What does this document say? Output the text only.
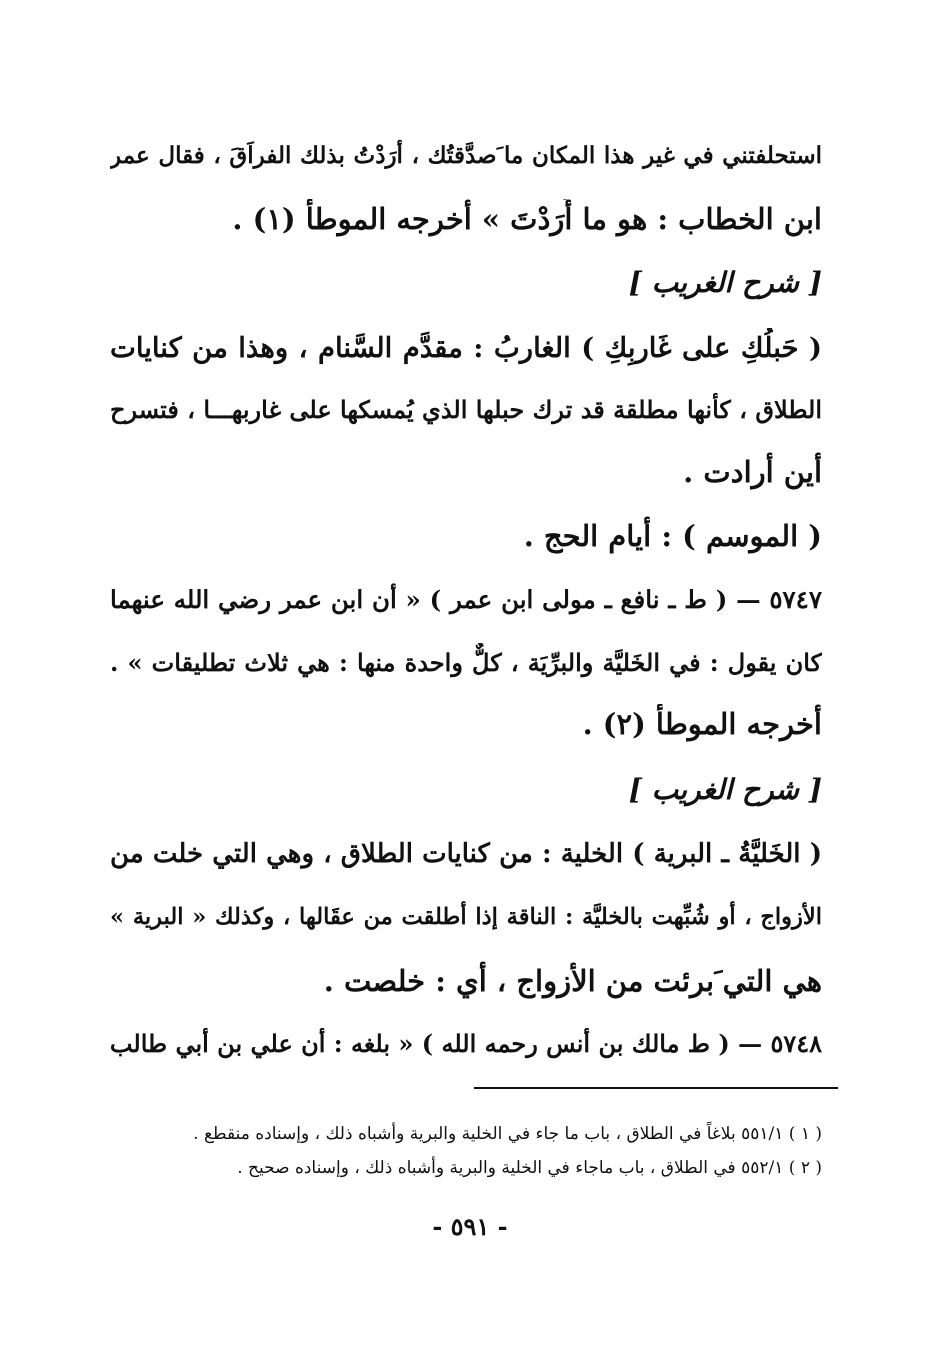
استحلفتني في غير هذا المكان ما َصدَّقتُك ، أرَدْتُ بذلك الفراَقَ ، فقال عمر
ابن الخطاب : هو ما أَرَدْتَ » أخرجه الموطأ (١) .
[ شرح الغريب ]
( حَبلُكِ على غَاربِكِ ) الغاربُ : مقدَّم السَّنام ، وهذا من كنايات
الطلاق ، كأنها مطلقة قد ترك حبلها الذي يُمسكها على غاربهـــا ، فتسرح
أين أرادت .
( الموسم ) : أيام الحج .
٥٧٤٧ — ( ط ـ نافع ـ مولى ابن عمر ) « أن ابن عمر رضي الله عنهما
كان يقول : في الخَليَّة والبرِّيَة ، كلٌّ واحدة منها : هي ثلاث تطليقات » .
أخرجه الموطأ (٢) .
[ شرح الغريب ]
( الخَليَّةُ ـ البرية ) الخلية : من كنايات الطلاق ، وهي التي خلت من
الأزواج ، أو شُبِّهت بالخليَّة : الناقة إذا أطلقت من عقَالها ، وكذلك « البرية »
هي التي َبرئت من الأزواج ، أي : خلصت .
٥٧٤٨ — ( ط مالك بن أنس رحمه الله ) « بلغه : أن علي بن أبي طالب
( ١ ) ٥٥١/١ بلاغاً في الطلاق ، باب ما جاء في الخلية والبرية وأشباه ذلك ، وإسناده منقطع .
( ٢ ) ٥٥٢/١ في الطلاق ، باب ماجاء في الخلية والبرية وأشباه ذلك ، وإسناده صحيح .
- ٥٩١ -
